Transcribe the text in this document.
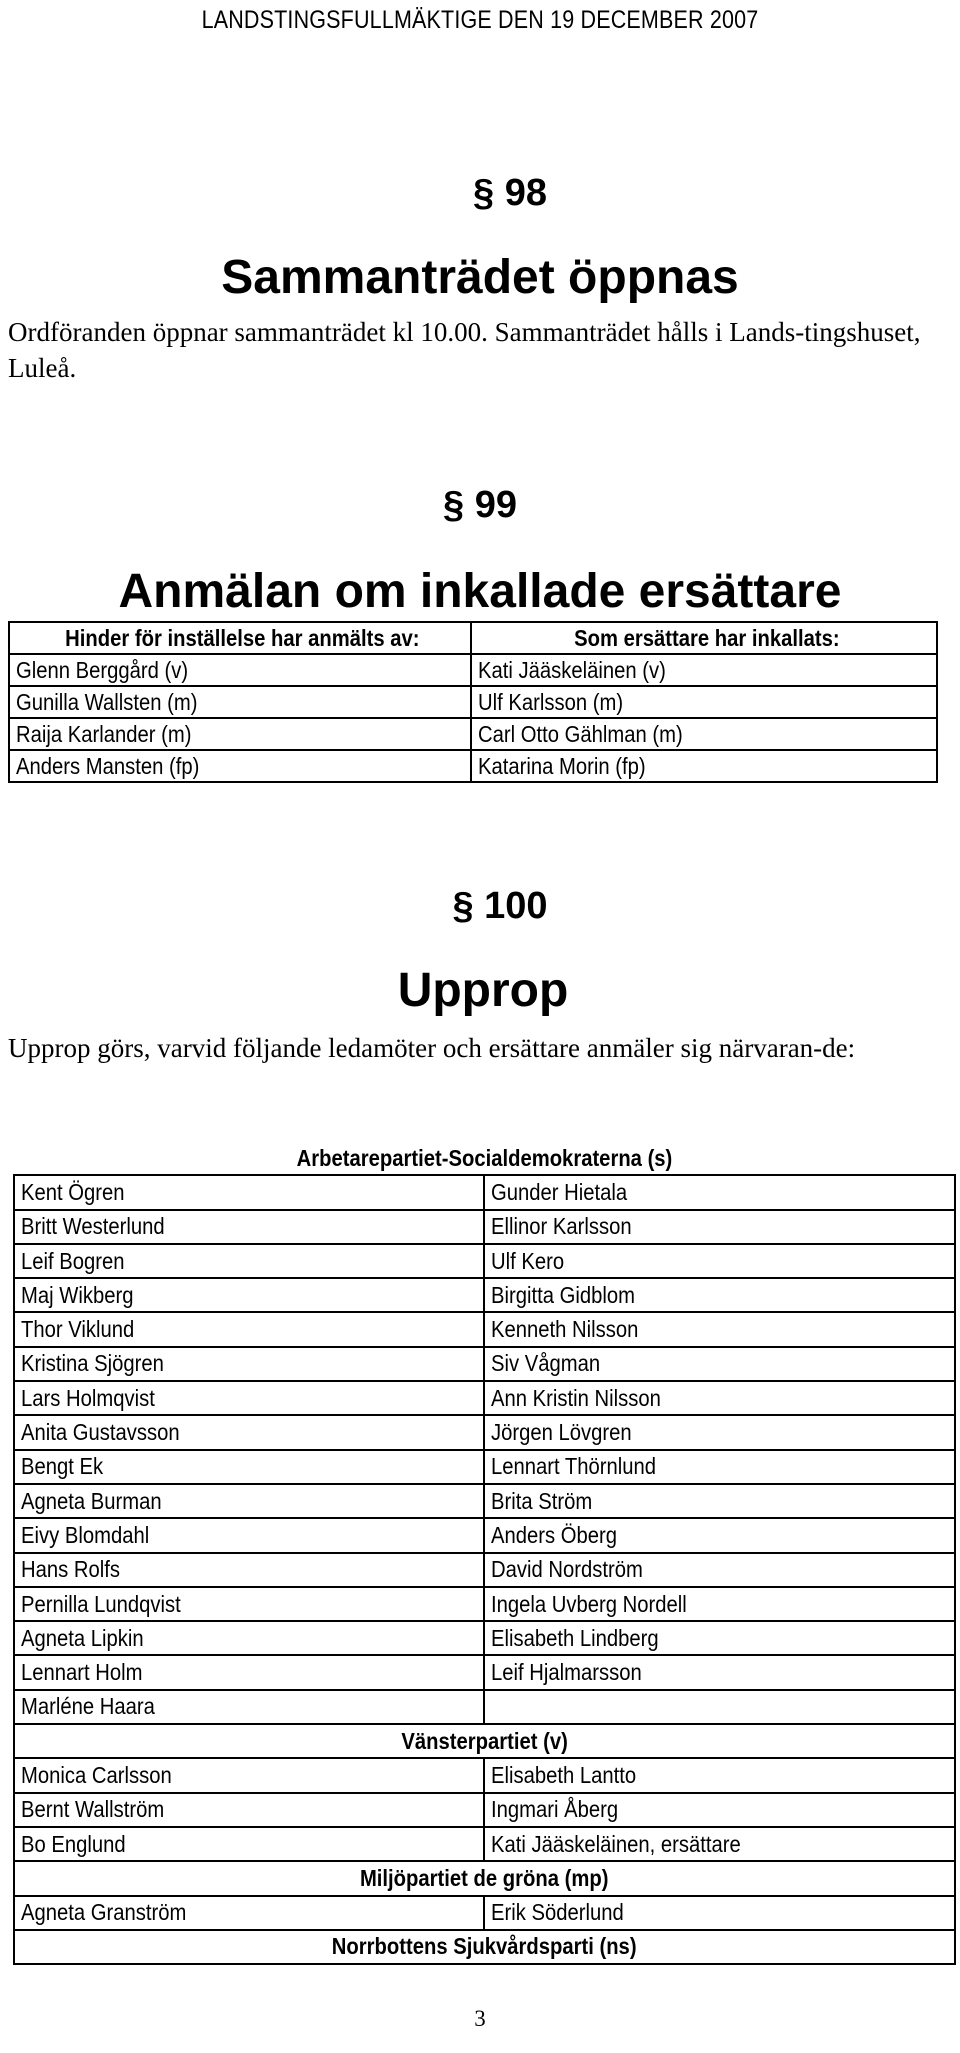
LANDSTINGSFULLMÄKTIGE DEN 19 DECEMBER 2007
§ 98
Sammanträdet öppnas
Ordföranden öppnar sammanträdet kl 10.00. Sammanträdet hålls i Lands-tingshuset, Luleå.
§ 99
Anmälan om inkallade ersättare
Hinder för inställelse har anmälts av:	Som ersättare har inkallats:
Glenn Berggård (v)	Kati Jääskeläinen (v)
Gunilla Wallsten (m)	Ulf Karlsson (m)
Raija Karlander (m)	Carl Otto Gählman (m)
Anders Mansten (fp)	Katarina Morin (fp)
§ 100
Upprop
Upprop görs, varvid följande ledamöter och ersättare anmäler sig närvaran-de:
Arbetarepartiet-Socialdemokraterna (s)	
Kent Ögren	Gunder Hietala
Britt Westerlund	Ellinor Karlsson
Leif Bogren	Ulf Kero
Maj Wikberg	Birgitta Gidblom
Thor Viklund	Kenneth Nilsson
Kristina Sjögren	Siv Vågman
Lars Holmqvist	Ann Kristin Nilsson
Anita Gustavsson	Jörgen Lövgren
Bengt Ek	Lennart Thörnlund
Agneta Burman	Brita Ström
Eivy Blomdahl	Anders Öberg
Hans Rolfs	David Nordström
Pernilla Lundqvist	Ingela Uvberg Nordell
Agneta Lipkin	Elisabeth Lindberg
Lennart Holm	Leif Hjalmarsson
Marléne Haara	
Vänsterpartiet (v)	
Monica Carlsson	Elisabeth Lantto
Bernt Wallström	Ingmari Åberg
Bo Englund	Kati Jääskeläinen, ersättare
Miljöpartiet de gröna (mp)	
Agneta Granström	Erik Söderlund
Norrbottens Sjukvårdsparti (ns)	
3
